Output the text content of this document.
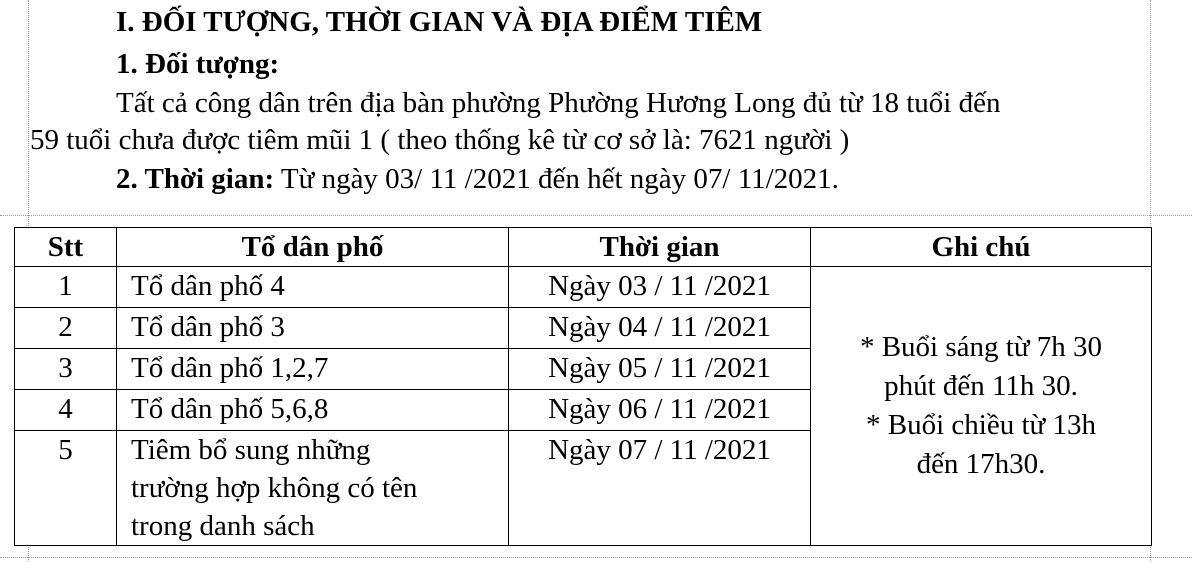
I. ĐỐI TƯỢNG, THỜI GIAN VÀ ĐỊA ĐIỂM TIÊM
1. Đối tượng:
Tất cả công dân trên địa bàn phường Phường Hương Long đủ từ 18 tuổi đến
59 tuổi chưa được tiêm mũi 1 ( theo thống kê từ cơ sở là: 7621 người )
2. Thời gian: Từ ngày 03/ 11 /2021 đến hết ngày 07/ 11/2021.
Stt	Tổ dân phố	Thời gian	Ghi chú
1	Tổ dân phố 4	Ngày 03 / 11 /2021	* Buổi sáng từ 7h 30
phút đến 11h 30.
* Buổi chiều từ 13h
đến 17h30.

2	Tổ dân phố 3	Ngày 04 / 11 /2021	
3	Tổ dân phố 1,2,7	Ngày 05 / 11 /2021	
4	Tổ dân phố 5,6,8	Ngày 06 / 11 /2021	
5	Tiêm bổ sung những
trường hợp không có tên
trong danh sách	Ngày 07 / 11 /2021	
